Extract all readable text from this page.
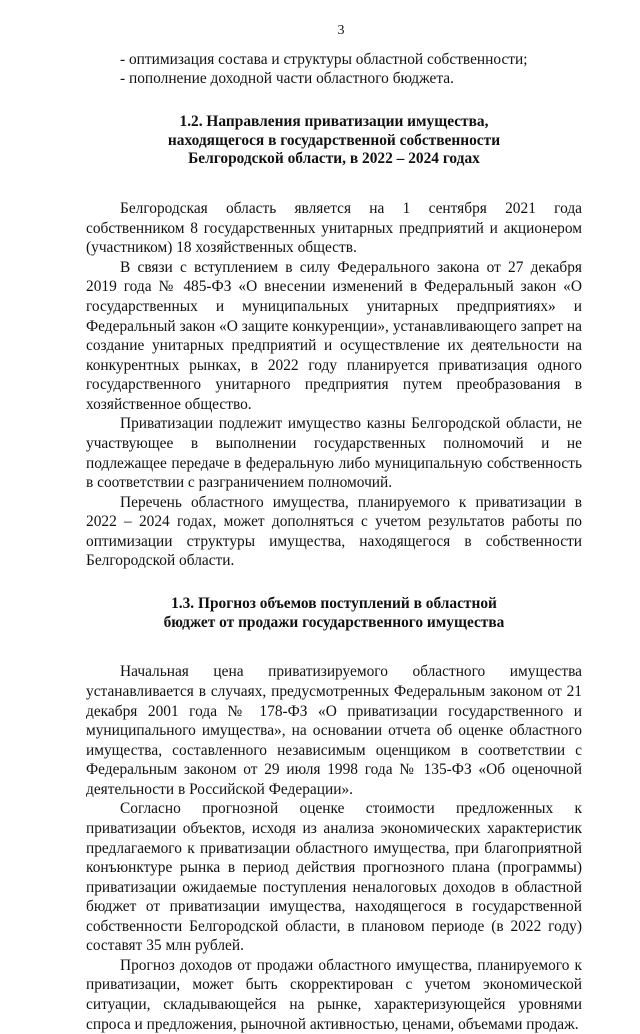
3
- оптимизация состава и структуры областной собственности;
- пополнение доходной части областного бюджета.
1.2. Направления приватизации имущества,
находящегося в государственной собственности
Белгородской области, в 2022 – 2024 годах

Белгородская область является на 1 сентября 2021 года собственником 8 государственных унитарных предприятий и акционером (участником) 18 хозяйственных обществ.

В связи с вступлением в силу Федерального закона от 27 декабря 2019 года № 485-ФЗ «О внесении изменений в Федеральный закон «О государственных и муниципальных унитарных предприятиях» и Федеральный закон «О защите конкуренции», устанавливающего запрет на создание унитарных предприятий и осуществление их деятельности на конкурентных рынках, в 2022 году планируется приватизация одного государственного унитарного предприятия путем преобразования в хозяйственное общество.

Приватизации подлежит имущество казны Белгородской области, не участвующее в выполнении государственных полномочий и не подлежащее передаче в федеральную либо муниципальную собственность в соответствии с разграничением полномочий.

Перечень областного имущества, планируемого к приватизации в 2022 – 2024 годах, может дополняться с учетом результатов работы по оптимизации структуры имущества, находящегося в собственности Белгородской области.

1.3. Прогноз объемов поступлений в областной
бюджет от продажи государственного имущества

Начальная цена приватизируемого областного имущества устанавливается в случаях, предусмотренных Федеральным законом от 21 декабря 2001 года № 178-ФЗ «О приватизации государственного и муниципального имущества», на основании отчета об оценке областного имущества, составленного независимым оценщиком в соответствии с Федеральным законом от 29 июля 1998 года № 135-ФЗ «Об оценочной деятельности в Российской Федерации».

Согласно прогнозной оценке стоимости предложенных к приватизации объектов, исходя из анализа экономических характеристик предлагаемого к приватизации областного имущества, при благоприятной конъюнктуре рынка в период действия прогнозного плана (программы) приватизации ожидаемые поступления неналоговых доходов в областной бюджет от приватизации имущества, находящегося в государственной собственности Белгородской области, в плановом периоде (в 2022 году) составят 35 млн рублей.

Прогноз доходов от продажи областного имущества, планируемого к приватизации, может быть скорректирован с учетом экономической ситуации, складывающейся на рынке, характеризующейся уровнями спроса и предложения, рыночной активностью, ценами, объемами продаж.
